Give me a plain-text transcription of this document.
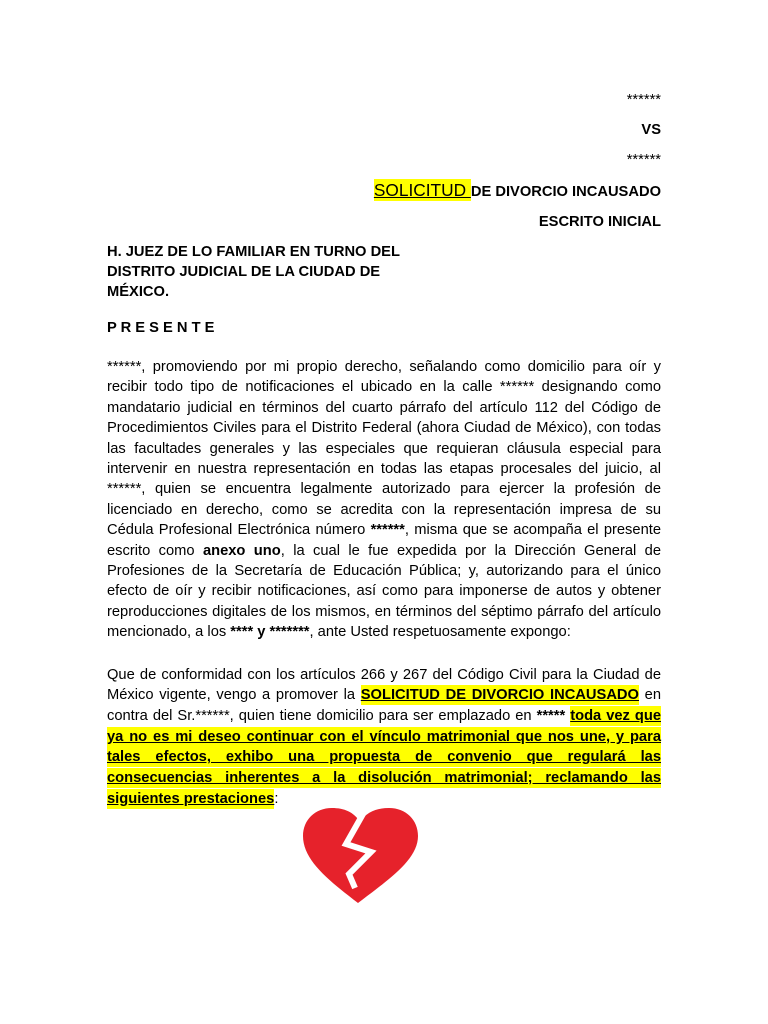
******
VS
******
SOLICITUD DE DIVORCIO INCAUSADO
ESCRITO INICIAL
H. JUEZ DE LO FAMILIAR EN TURNO DEL
DISTRITO JUDICIAL DE LA CIUDAD DE
MÉXICO.
P R E S E N T E
******, promoviendo por mi propio derecho, señalando como domicilio para oír y
recibir todo tipo de notificaciones el ubicado en la calle ****** designando como
mandatario judicial en términos del cuarto párrafo del artículo 112 del Código de
Procedimientos Civiles para el Distrito Federal (ahora Ciudad de México), con todas
las facultades generales y las especiales que requieran cláusula especial para
intervenir en nuestra representación en todas las etapas procesales del juicio, al
******, quien se encuentra legalmente autorizado para ejercer la profesión de
licenciado en derecho, como se acredita con la representación impresa de su
Cédula Profesional Electrónica número ******, misma que se acompaña el presente
escrito como anexo uno, la cual le fue expedida por la Dirección General de
Profesiones de la Secretaría de Educación Pública; y, autorizando para el único
efecto de oír y recibir notificaciones, así como para imponerse de autos y obtener
reproducciones digitales de los mismos, en términos del séptimo párrafo del artículo
mencionado, a los **** y *******, ante Usted respetuosamente expongo:
Que de conformidad con los artículos 266 y 267 del Código Civil para la Ciudad de
México vigente, vengo a promover la SOLICITUD DE DIVORCIO INCAUSADO en
contra del Sr.******, quien tiene domicilio para ser emplazado en ***** toda vez que
ya no es mi deseo continuar con el vínculo matrimonial que nos une, y para
tales efectos, exhibo una propuesta de convenio que regulará las
consecuencias inherentes a la disolución matrimonial; reclamando las
siguientes prestaciones:
